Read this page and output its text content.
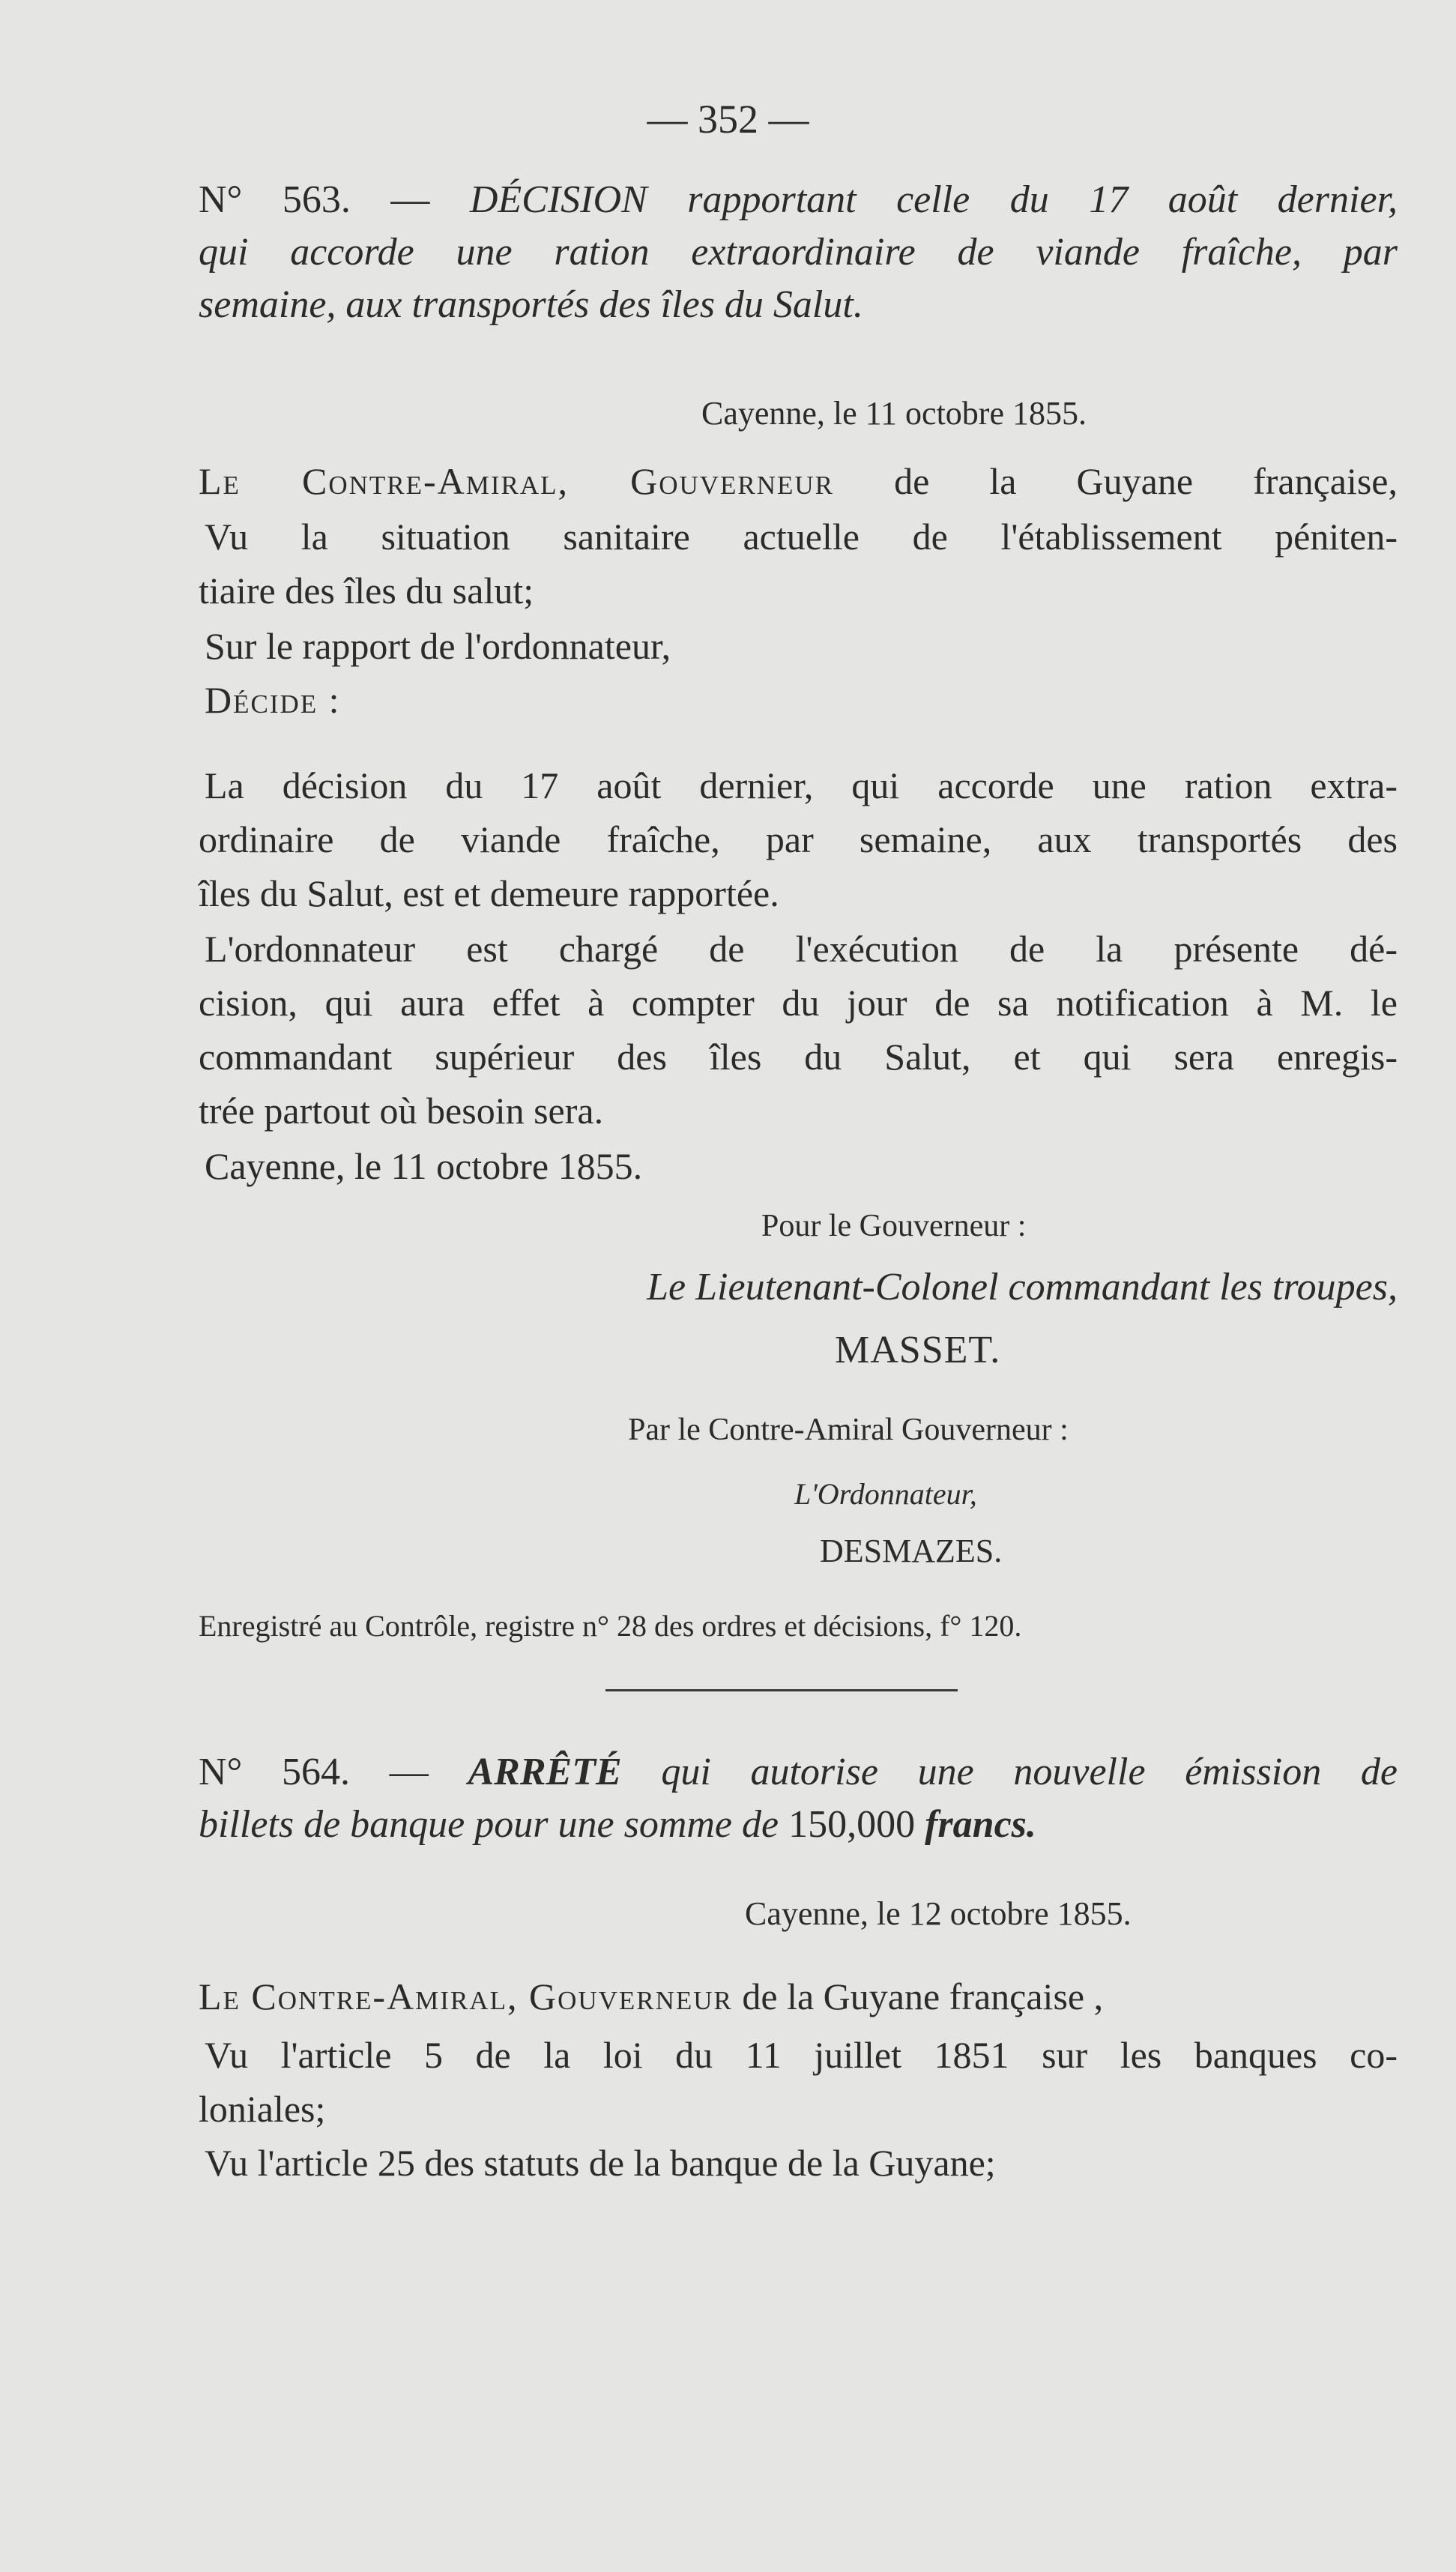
— 352 —
N° 563. — DÉCISION rapportant celle du 17 août dernier,
qui accorde une ration extraordinaire de viande fraîche, par
semaine, aux transportés des îles du Salut.
Cayenne, le 11 octobre 1855.
Le Contre-Amiral, Gouverneur de la Guyane française,
Vu la situation sanitaire actuelle de l'établissement péniten-
tiaire des îles du salut;
Sur le rapport de l'ordonnateur,
Décide :
La décision du 17 août dernier, qui accorde une ration extra-
ordinaire de viande fraîche, par semaine, aux transportés des
îles du Salut, est et demeure rapportée.
L'ordonnateur est chargé de l'exécution de la présente dé-
cision, qui aura effet à compter du jour de sa notification à M. le
commandant supérieur des îles du Salut, et qui sera enregis-
trée partout où besoin sera.
Cayenne, le 11 octobre 1855.
Pour le Gouverneur :
Le Lieutenant-Colonel commandant les troupes,
MASSET.
Par le Contre-Amiral Gouverneur :
L'Ordonnateur,
DESMAZES.
Enregistré au Contrôle, registre n° 28 des ordres et décisions, f° 120.
N° 564. — ARRÊTÉ qui autorise une nouvelle émission de
billets de banque pour une somme de 150,000 francs.
Cayenne, le 12 octobre 1855.
Le Contre-Amiral, Gouverneur de la Guyane française ,
Vu l'article 5 de la loi du 11 juillet 1851 sur les banques co-
loniales;
Vu l'article 25 des statuts de la banque de la Guyane;
